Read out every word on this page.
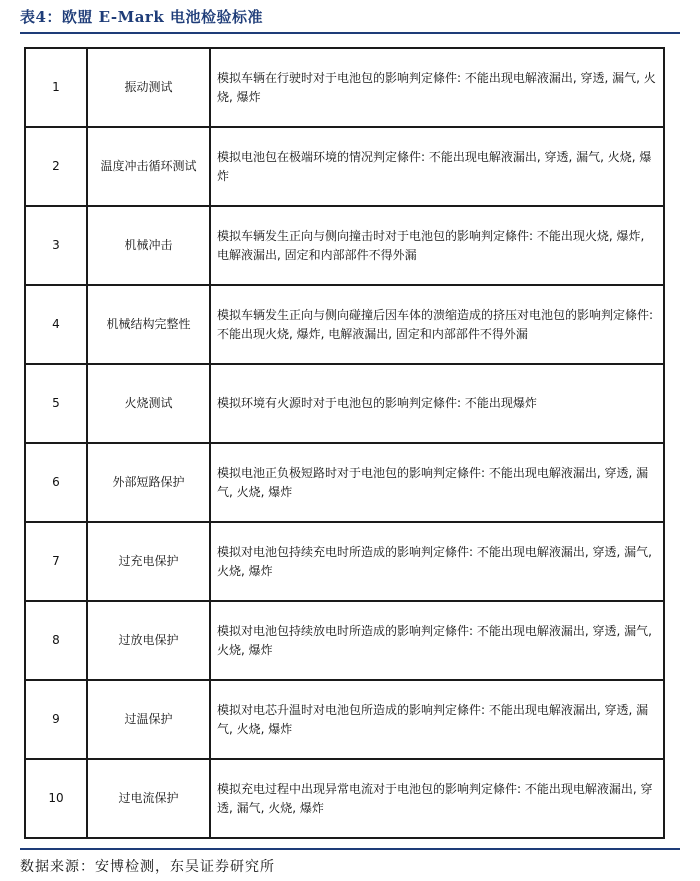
表4：欧盟 E-Mark 电池检验标准
1	振动测试	模拟车辆在行驶时对于电池包的影响判定條件: 不能出现电解液漏出, 穿透, 漏气, 火烧, 爆炸
2	温度冲击循环测试	模拟电池包在极端环境的情况判定條件: 不能出现电解液漏出, 穿透, 漏气, 火烧, 爆炸
3	机械冲击	模拟车辆发生正向与侧向撞击时对于电池包的影响判定條件: 不能出现火烧, 爆炸, 电解液漏出, 固定和内部部件不得外漏
4	机械结构完整性	模拟车辆发生正向与侧向碰撞后因车体的溃缩造成的挤压对电池包的影响判定條件: 不能出现火烧, 爆炸, 电解液漏出, 固定和内部部件不得外漏
5	火烧测试	模拟环境有火源时对于电池包的影响判定條件: 不能出现爆炸
6	外部短路保护	模拟电池正负极短路时对于电池包的影响判定條件: 不能出现电解液漏出, 穿透, 漏气, 火烧, 爆炸
7	过充电保护	模拟对电池包持续充电时所造成的影响判定條件: 不能出现电解液漏出, 穿透, 漏气, 火烧, 爆炸
8	过放电保护	模拟对电池包持续放电时所造成的影响判定條件: 不能出现电解液漏出, 穿透, 漏气, 火烧, 爆炸
9	过温保护	模拟对电芯升温时对电池包所造成的影响判定條件: 不能出现电解液漏出, 穿透, 漏气, 火烧, 爆炸
10	过电流保护	模拟充电过程中出现异常电流对于电池包的影响判定條件: 不能出现电解液漏出, 穿透, 漏气, 火烧, 爆炸
数据来源：安博检测，东吴证券研究所
